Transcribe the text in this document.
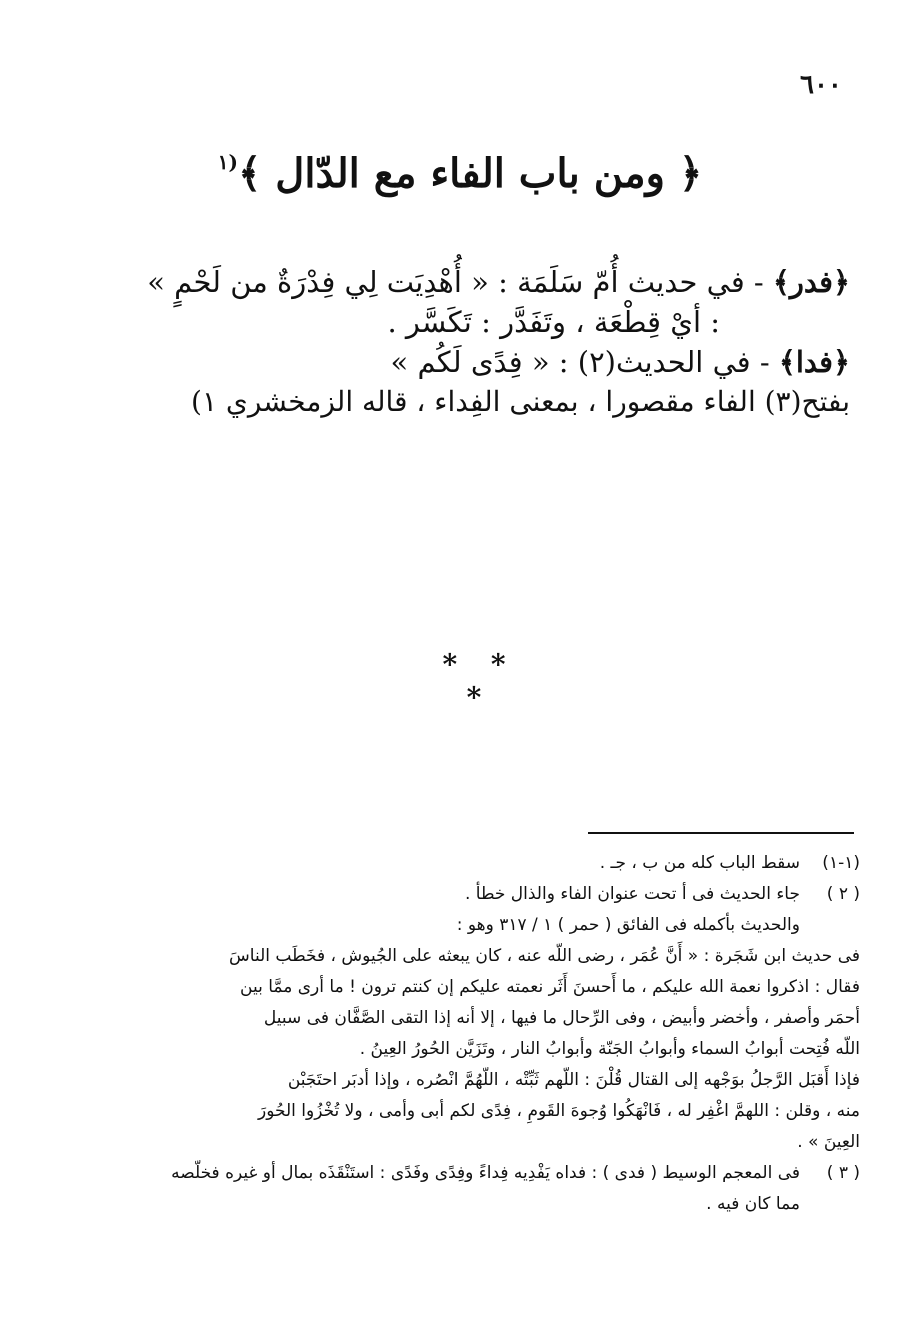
٦٠٠
﴿ ومن باب الفاء مع الدّال ﴾$^{(١}$
﴿فدر﴾ - في حديث أُمّ سَلَمَة : « أُهْدِيَت لِي فِدْرَةٌ من لَحْمٍ »
: أيْ قِطْعَة ، وتَفَدَّر : تَكَسَّر .
﴿فدا﴾ - في الحديث(٢) : « فِدًى لَكُم »
بفتح(٣) الفاء مقصورا ، بمعنى الفِداء ، قاله الزمخشري ١)
* * *
(١-١)
سقط الباب كله من ب ، جـ .
( ٢ )
جاء الحديث فى أ تحت عنوان الفاء والذال خطأ .
والحديث بأكمله فى الفائق ( حمر ) ١ / ٣١٧ وهو :
فى حديث ابن شَجَرة : « أَنَّ عُمَر ، رضى اللّه عنه ، كان يبعثه على الجُيوش ، فخَطَب الناسَ
فقال : اذكروا نعمة الله عليكم ، ما أَحسنَ أَثَر نعمته عليكم إن كنتم ترون ! ما أرى ممَّا بين
أحمَر وأصفر ، وأخضر وأبيض ، وفى الرِّحال ما فيها ، إلا أنه إذا التقى الصَّفَّان فى سبيل
اللّه فُتِحت أبوابُ السماء وأبوابُ الجَنّة وأبوابُ النار ، وتَزَيَّن الحُورُ العِينُ .
فإذا أَقبَل الرَّجلُ بوَجْهه إلى القتال قُلْنَ : اللّهم ثَبِّتْه ، اللّهُمَّ انْصُره ، وإذا أدبَر احتَجَبْن
منه ، وقلن : اللهمَّ اغْفِر له ، فَانْهَكُوا وُجوهَ القَومِ ، فِدًى لكم أبى وأمى ، ولا تُخْزُوا الحُورَ
العِينَ » .
( ٣ )
فى المعجم الوسيط ( فدى ) : فداه يَفْدِيه فِداءً وفِدًى وفَدًى : استَنْقَذَه بمال أو غيره فخلّصه
مما كان فيه .
